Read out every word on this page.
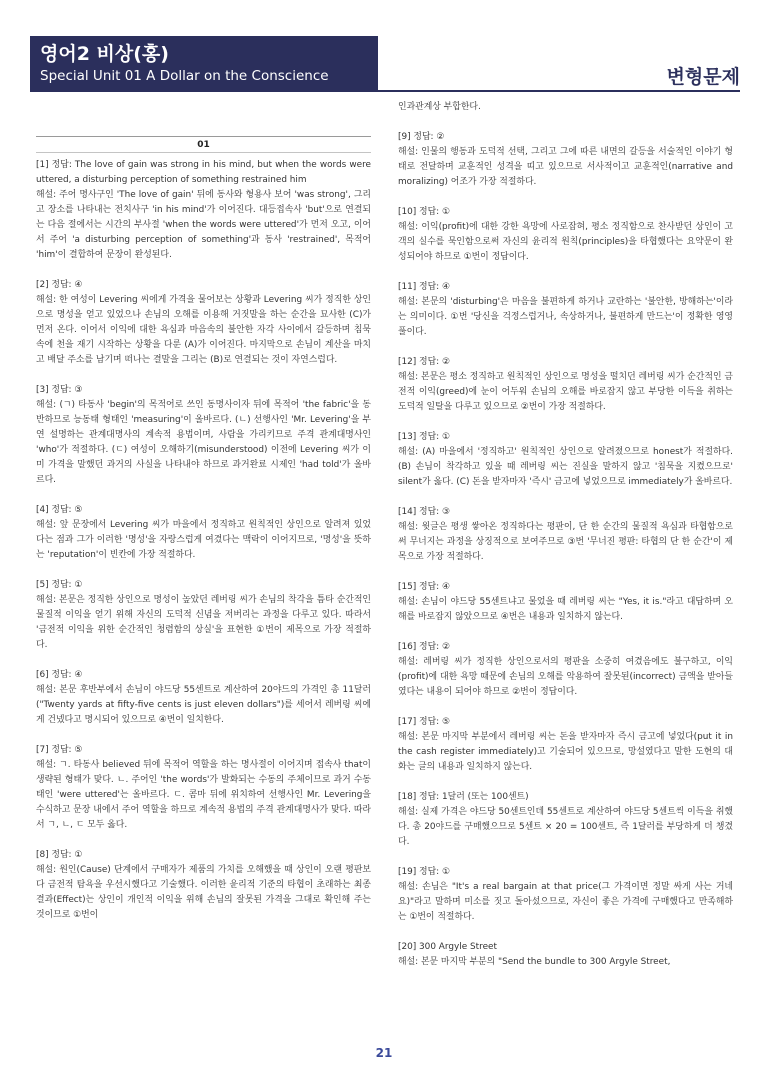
영어2 비상(홍)
Special Unit 01 A Dollar on the Conscience	변형문제
01

[1] 정답: The love of gain was strong in his mind, but when the words were uttered, a disturbing perception of something restrained him

해설: 주어 명사구인 'The love of gain' 뒤에 동사와 형용사 보어 'was strong', 그리고 장소를 나타내는 전치사구 'in his mind'가 이어진다. 대등접속사 'but'으로 연결되는 다음 절에서는 시간의 부사절 'when the words were uttered'가 먼저 오고, 이어서 주어 'a disturbing perception of something'과 동사 'restrained', 목적어 'him'이 결합하여 문장이 완성된다.

[2] 정답: ④

해설: 한 여성이 Levering 씨에게 가격을 물어보는 상황과 Levering 씨가 정직한 상인으로 명성을 얻고 있었으나 손님의 오해를 이용해 거짓말을 하는 순간을 묘사한 (C)가 먼저 온다. 이어서 이익에 대한 욕심과 마음속의 불안한 자각 사이에서 갈등하며 침묵 속에 천을 재기 시작하는 상황을 다룬 (A)가 이어진다. 마지막으로 손님이 계산을 마치고 배달 주소를 남기며 떠나는 결말을 그리는 (B)로 연결되는 것이 자연스럽다.

[3] 정답: ③

해설: (ㄱ) 타동사 'begin'의 목적어로 쓰인 동명사이자 뒤에 목적어 'the fabric'을 동반하므로 능동태 형태인 'measuring'이 올바르다. (ㄴ) 선행사인 'Mr. Levering'을 부연 설명하는 관계대명사의 계속적 용법이며, 사람을 가리키므로 주격 관계대명사인 'who'가 적절하다. (ㄷ) 여성이 오해하기(misunderstood) 이전에 Levering 씨가 이미 가격을 말했던 과거의 사실을 나타내야 하므로 과거완료 시제인 'had told'가 올바르다.

[4] 정답: ⑤

해설: 앞 문장에서 Levering 씨가 마을에서 정직하고 원칙적인 상인으로 알려져 있었다는 점과 그가 이러한 '명성'을 자랑스럽게 여겼다는 맥락이 이어지므로, '명성'을 뜻하는 'reputation'이 빈칸에 가장 적절하다.

[5] 정답: ①

해설: 본문은 정직한 상인으로 명성이 높았던 레버링 씨가 손님의 착각을 틈타 순간적인 물질적 이익을 얻기 위해 자신의 도덕적 신념을 저버리는 과정을 다루고 있다. 따라서 '금전적 이익을 위한 순간적인 청렴함의 상실'을 표현한 ①번이 제목으로 가장 적절하다.

[6] 정답: ④

해설: 본문 후반부에서 손님이 야드당 55센트로 계산하여 20야드의 가격인 총 11달러("Twenty yards at fifty-five cents is just eleven dollars")를 세어서 레버링 씨에게 건넸다고 명시되어 있으므로 ④번이 일치한다.

[7] 정답: ⑤

해설: ㄱ. 타동사 believed 뒤에 목적어 역할을 하는 명사절이 이어지며 접속사 that이 생략된 형태가 맞다. ㄴ. 주어인 'the words'가 발화되는 수동의 주체이므로 과거 수동태인 'were uttered'는 올바르다. ㄷ. 콤마 뒤에 위치하여 선행사인 Mr. Levering을 수식하고 문장 내에서 주어 역할을 하므로 계속적 용법의 주격 관계대명사가 맞다. 따라서 ㄱ, ㄴ, ㄷ 모두 옳다.

[8] 정답: ①

해설: 원인(Cause) 단계에서 구매자가 제품의 가치를 오해했을 때 상인이 오랜 평판보다 금전적 탐욕을 우선시했다고 기술했다. 이러한 윤리적 기준의 타협이 초래하는 최종 결과(Effect)는 상인이 개인적 이익을 위해 손님의 잘못된 가격을 그대로 확인해 주는 것이므로 ①번이

인과관계상 부합한다.

[9] 정답: ②

해설: 인물의 행동과 도덕적 선택, 그리고 그에 따른 내면의 갈등을 서술적인 이야기 형태로 전달하며 교훈적인 성격을 띠고 있으므로 서사적이고 교훈적인(narrative and moralizing) 어조가 가장 적절하다.

[10] 정답: ①

해설: 이익(profit)에 대한 강한 욕망에 사로잡혀, 평소 정직함으로 찬사받던 상인이 고객의 실수를 묵인함으로써 자신의 윤리적 원칙(principles)을 타협했다는 요약문이 완성되어야 하므로 ①번이 정답이다.

[11] 정답: ④

해설: 본문의 'disturbing'은 마음을 불편하게 하거나 교란하는 '불안한, 방해하는'이라는 의미이다. ①번 '당신을 걱정스럽거나, 속상하거나, 불편하게 만드는'이 정확한 영영풀이다.

[12] 정답: ②

해설: 본문은 평소 정직하고 원칙적인 상인으로 명성을 떨치던 레버링 씨가 순간적인 금전적 이익(greed)에 눈이 어두워 손님의 오해를 바로잡지 않고 부당한 이득을 취하는 도덕적 일탈을 다루고 있으므로 ②번이 가장 적절하다.

[13] 정답: ①

해설: (A) 마을에서 '정직하고' 원칙적인 상인으로 알려졌으므로 honest가 적절하다. (B) 손님이 착각하고 있을 때 레버링 씨는 진실을 말하지 않고 '침묵을 지켰으므로' silent가 옳다. (C) 돈을 받자마자 '즉시' 금고에 넣었으므로 immediately가 올바르다.

[14] 정답: ③

해설: 윗글은 평생 쌓아온 정직하다는 평판이, 단 한 순간의 물질적 욕심과 타협함으로써 무너지는 과정을 상징적으로 보여주므로 ③번 '무너진 평판: 타협의 단 한 순간'이 제목으로 가장 적절하다.

[15] 정답: ④

해설: 손님이 야드당 55센트냐고 물었을 때 레버링 씨는 "Yes, it is."라고 대답하며 오해를 바로잡지 않았으므로 ④번은 내용과 일치하지 않는다.

[16] 정답: ②

해설: 레버링 씨가 정직한 상인으로서의 평판을 소중히 여겼음에도 불구하고, 이익(profit)에 대한 욕망 때문에 손님의 오해를 악용하여 잘못된(incorrect) 금액을 받아들였다는 내용이 되어야 하므로 ②번이 정답이다.

[17] 정답: ⑤

해설: 본문 마지막 부분에서 레버링 씨는 돈을 받자마자 즉시 금고에 넣었다(put it in the cash register immediately)고 기술되어 있으므로, 망설였다고 말한 도현의 대화는 글의 내용과 일치하지 않는다.

[18] 정답: 1달러 (또는 100센트)

해설: 실제 가격은 야드당 50센트인데 55센트로 계산하여 야드당 5센트씩 이득을 취했다. 총 20야드를 구매했으므로 5센트 × 20 = 100센트, 즉 1달러를 부당하게 더 챙겼다.

[19] 정답: ①

해설: 손님은 "It's a real bargain at that price(그 가격이면 정말 싸게 사는 거네요)"라고 말하며 미소를 짓고 돌아섰으므로, 자신이 좋은 가격에 구매했다고 만족해하는 ①번이 적절하다.

[20] 300 Argyle Street

해설: 본문 마지막 부분의 "Send the bundle to 300 Argyle Street,

21
